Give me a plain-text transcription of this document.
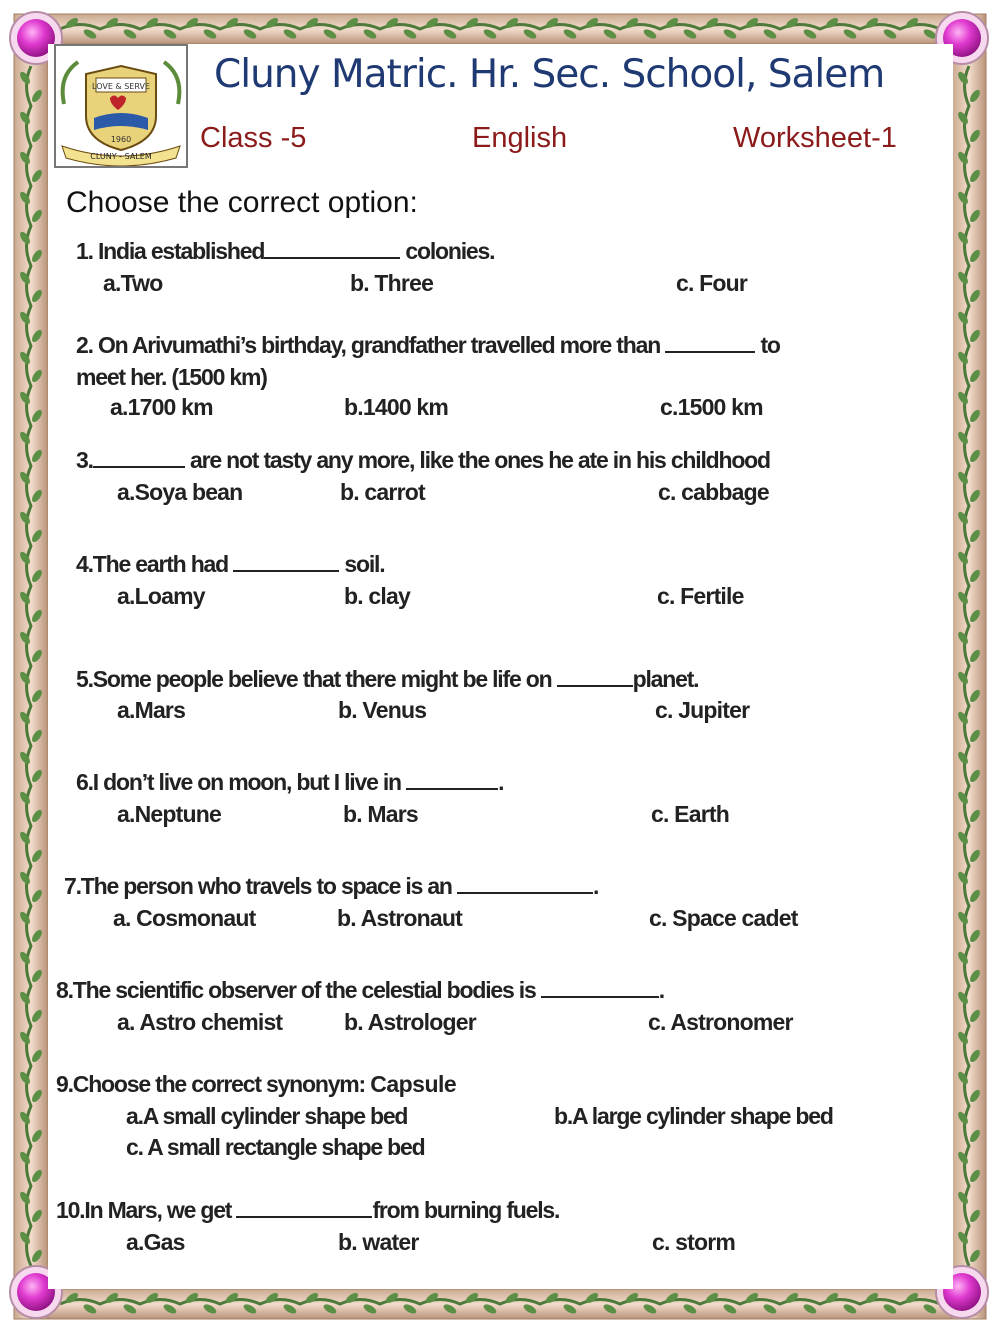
LOVE & SERVE
1960
CLUNY - SALEM
Cluny Matric. Hr. Sec. School, Salem
Class -5	English	Worksheet-1
Choose the correct option:
1. India established	colonies.
a.Two	b. Three	c. Four
2. On Arivumathi’s birthday, grandfather travelled more than	to
meet her. (1500 km)
a.1700 km	b.1400 km	c.1500 km
3.	are not tasty any more, like the ones he ate in his childhood
a.Soya bean	b. carrot	c. cabbage
4.The earth had	soil.
a.Loamy	b. clay	c. Fertile
5.Some people believe that there might be life on	planet.
a.Mars	b. Venus	c. Jupiter
6.I don’t live on moon, but I live in	.
a.Neptune	b. Mars	c. Earth
7.The person who travels to space is an	.
a. Cosmonaut	b. Astronaut	c. Space cadet
8.The scientific observer of the celestial bodies is	.
a. Astro chemist	b. Astrologer	c. Astronomer
9.Choose the correct synonym: Capsule
a.A small cylinder shape bed	b.A large cylinder shape bed
c. A small rectangle shape bed
10.In Mars, we get	from burning fuels.
a.Gas	b. water	c. storm
